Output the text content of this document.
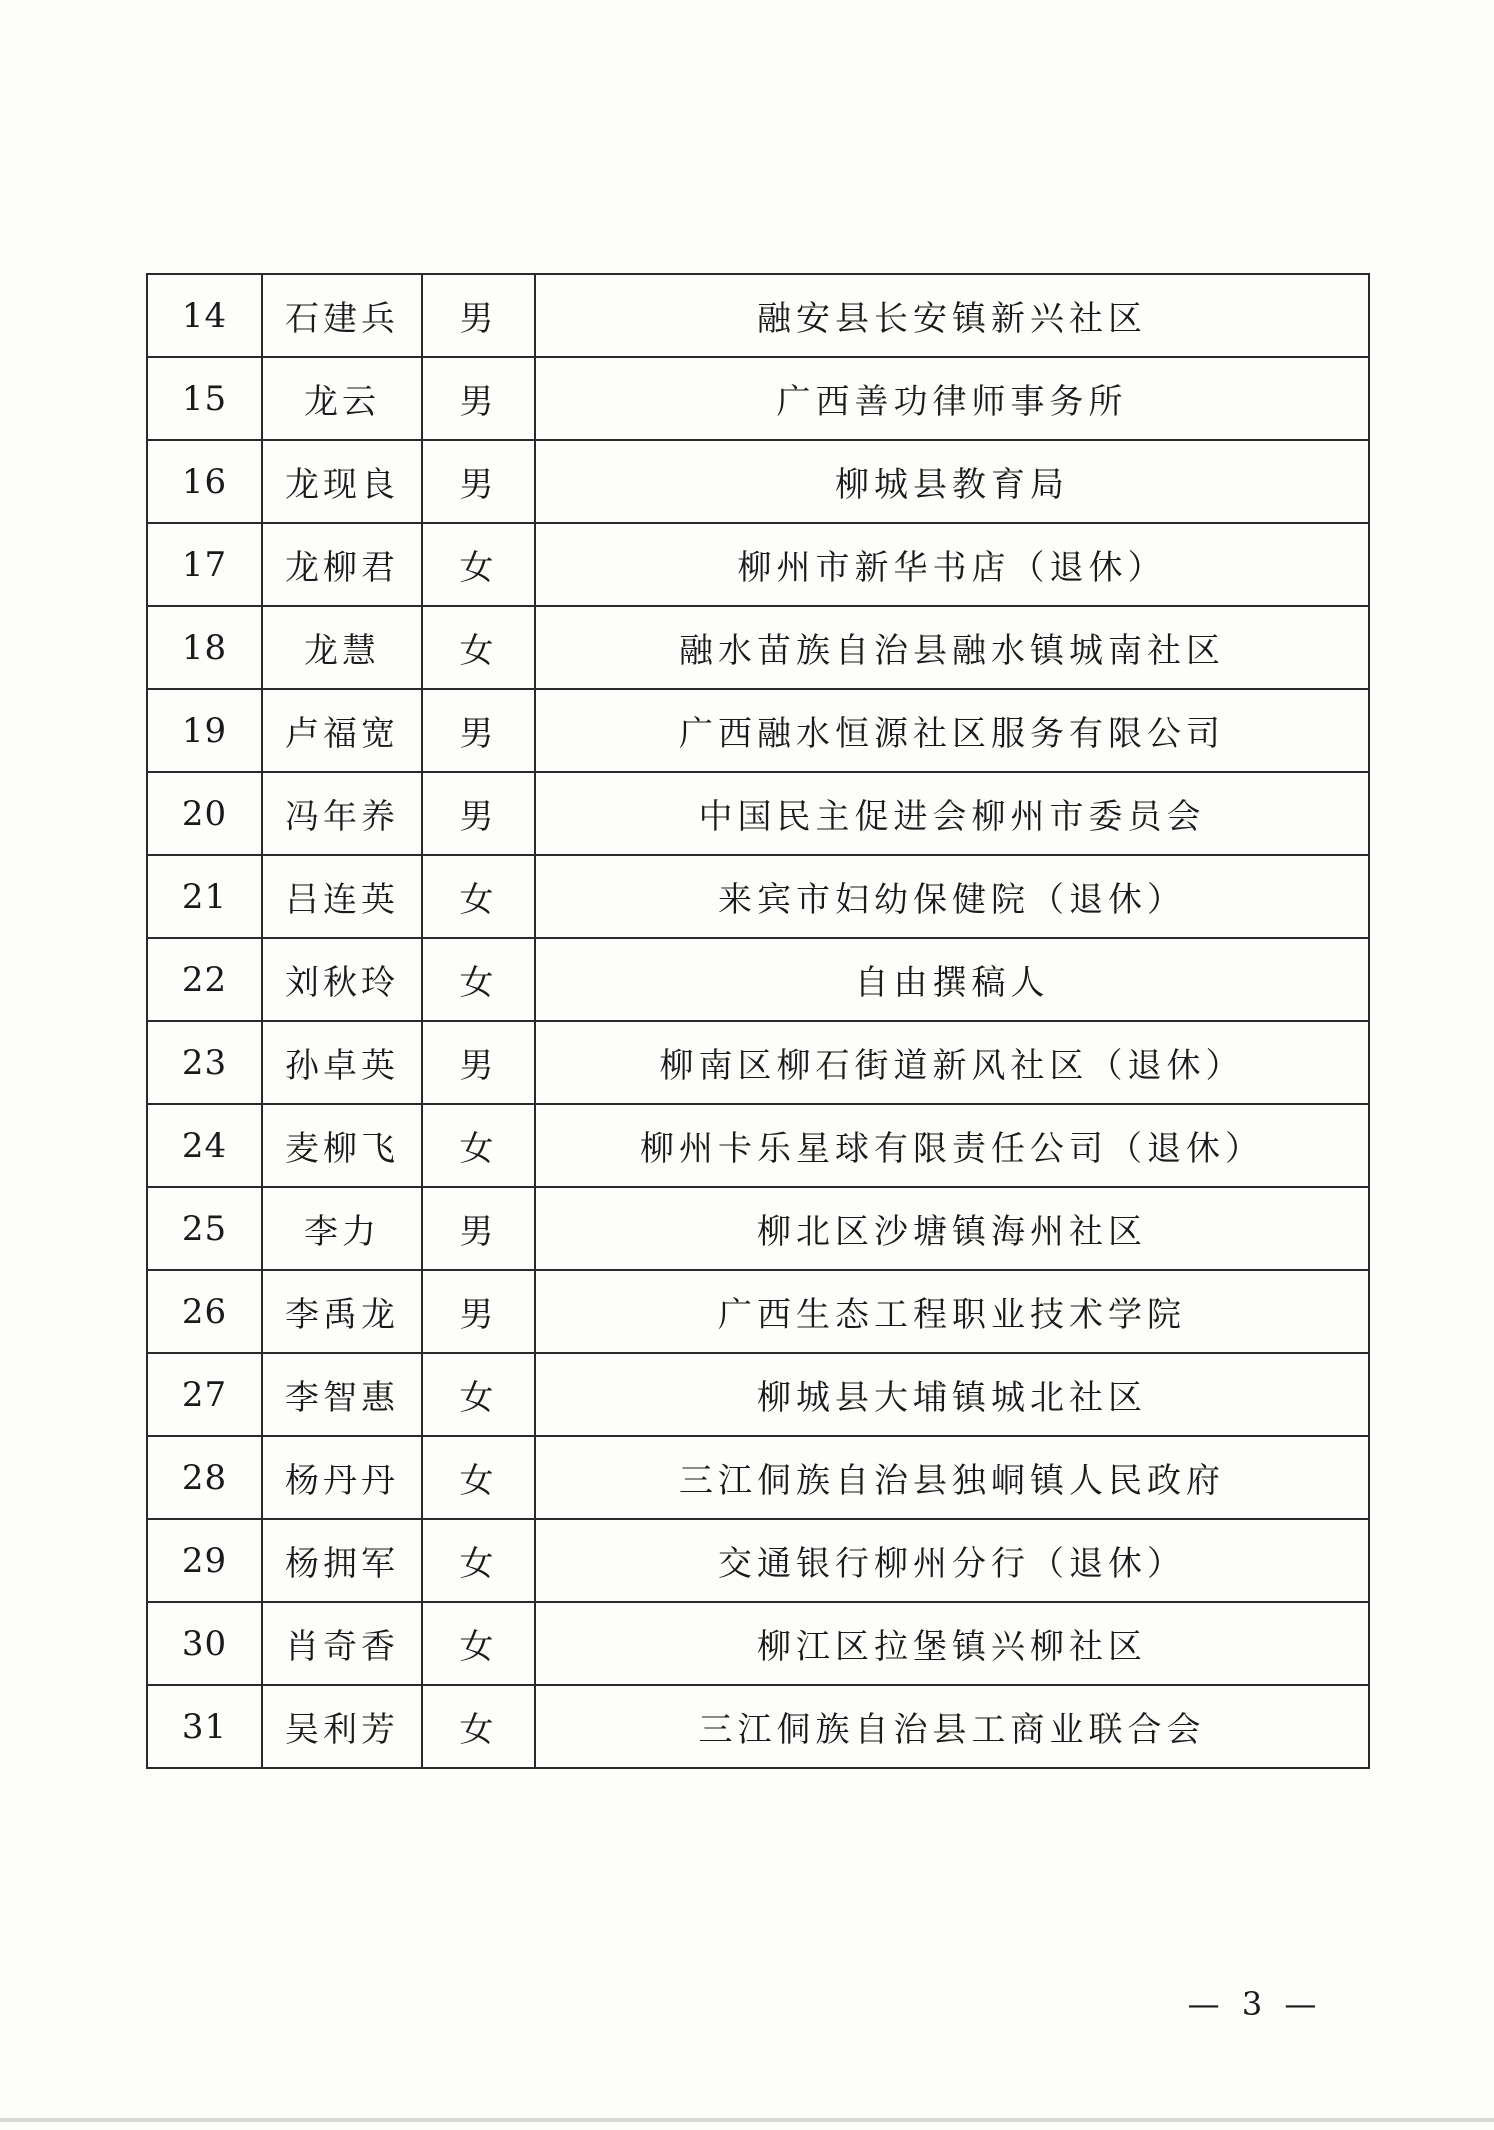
14	石建兵	男	融安县长安镇新兴社区
15	龙云	男	广西善功律师事务所
16	龙现良	男	柳城县教育局
17	龙柳君	女	柳州市新华书店（退休）
18	龙慧	女	融水苗族自治县融水镇城南社区
19	卢福宽	男	广西融水恒源社区服务有限公司
20	冯年养	男	中国民主促进会柳州市委员会
21	吕连英	女	来宾市妇幼保健院（退休）
22	刘秋玲	女	自由撰稿人
23	孙卓英	男	柳南区柳石街道新风社区（退休）
24	麦柳飞	女	柳州卡乐星球有限责任公司（退休）
25	李力	男	柳北区沙塘镇海州社区
26	李禹龙	男	广西生态工程职业技术学院
27	李智惠	女	柳城县大埔镇城北社区
28	杨丹丹	女	三江侗族自治县独峒镇人民政府
29	杨拥军	女	交通银行柳州分行（退休）
30	肖奇香	女	柳江区拉堡镇兴柳社区
31	吴利芳	女	三江侗族自治县工商业联合会
— 3 —
